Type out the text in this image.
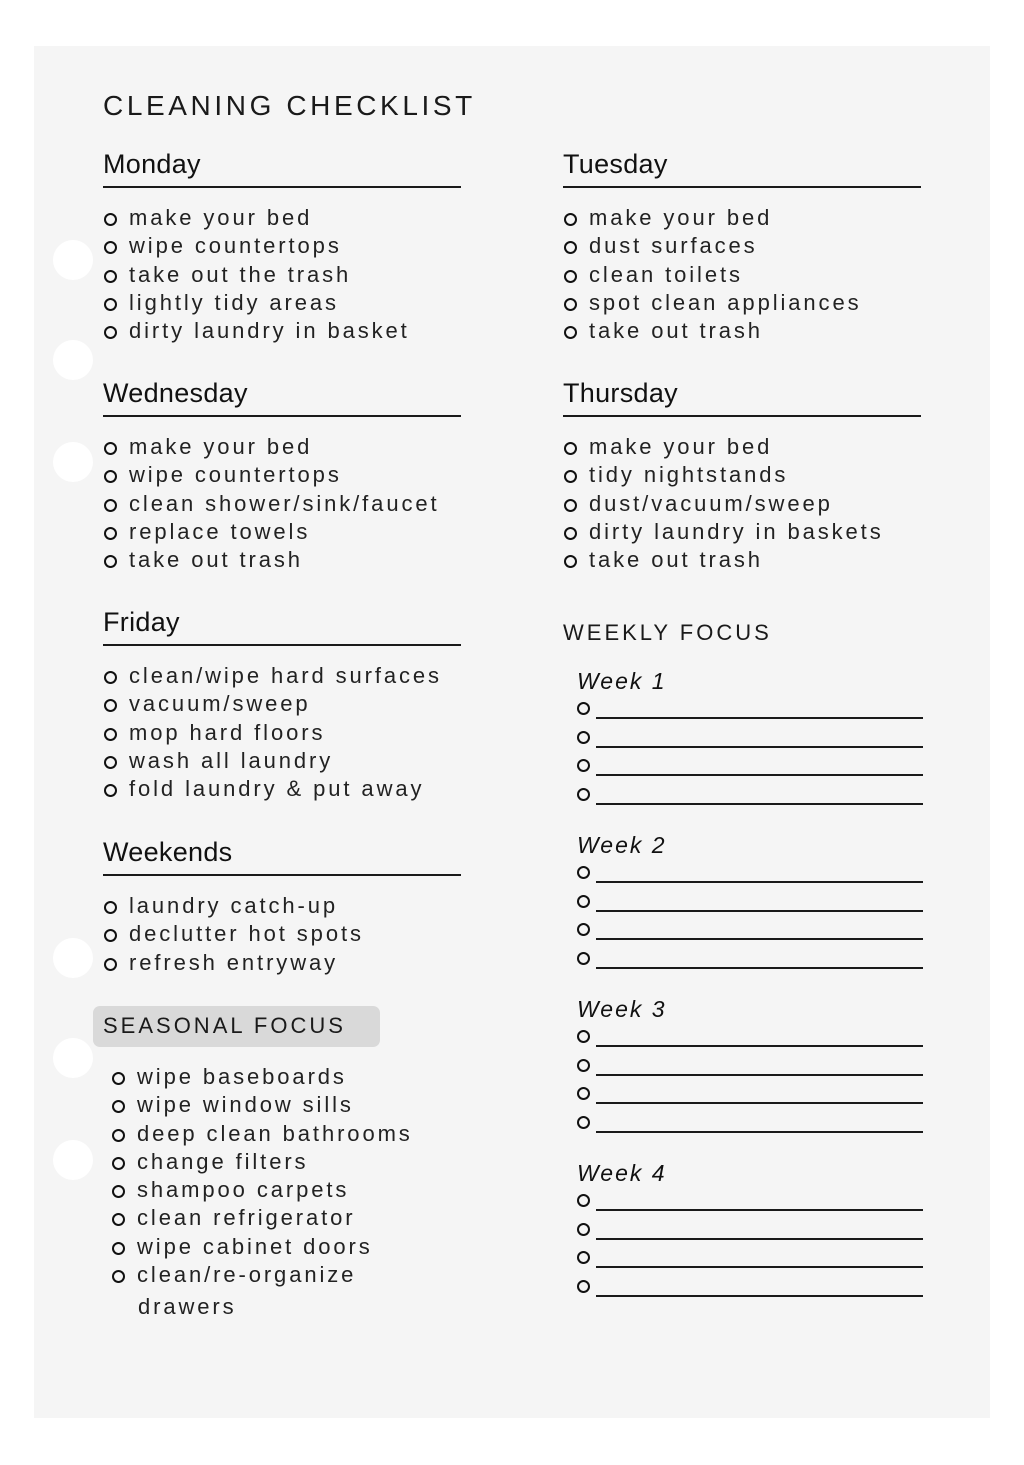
CLEANING CHECKLIST
Monday
make your bed
wipe countertops
take out the trash
lightly tidy areas
dirty laundry in basket
Tuesday
make your bed
dust surfaces
clean toilets
spot clean appliances
take out trash
Wednesday
make your bed
wipe countertops
clean shower/sink/faucet
replace towels
take out trash
Thursday
make your bed
tidy nightstands
dust/vacuum/sweep
dirty laundry in baskets
take out trash
Friday
clean/wipe hard surfaces
vacuum/sweep
mop hard floors
wash all laundry
fold laundry & put away
Weekends
laundry catch-up
declutter hot spots
refresh entryway
SEASONAL FOCUS
wipe baseboards
wipe window sills
deep clean bathrooms
change filters
shampoo carpets
clean refrigerator
wipe cabinet doors
clean/re-organize
drawers
WEEKLY FOCUS
Week 1
Week 2
Week 3
Week 4
